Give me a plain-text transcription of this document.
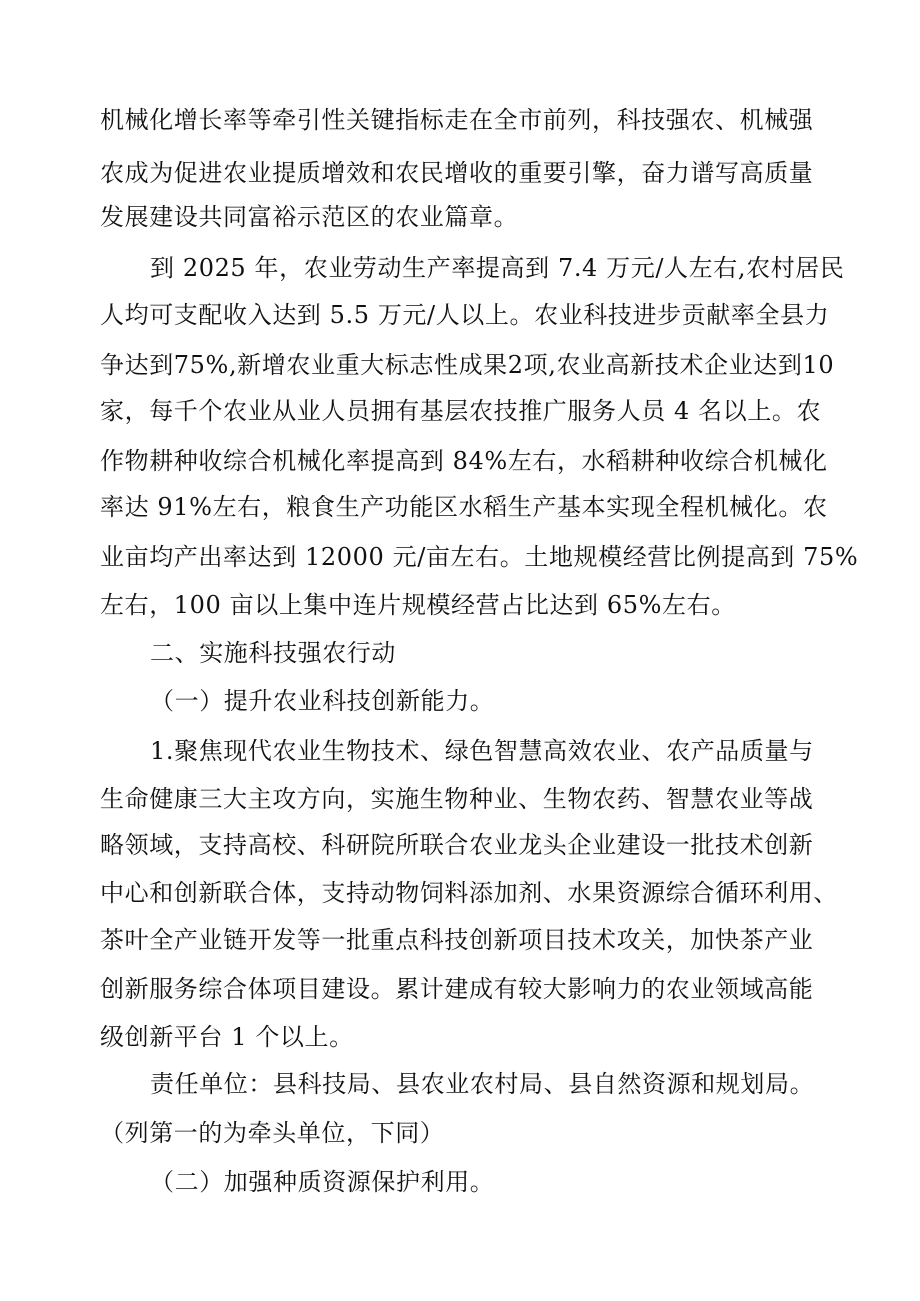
机械化增长率等牵引性关键指标走在全市前列，科技强农、机械强
农成为促进农业提质增效和农民增收的重要引擎，奋力谱写高质量
发展建设共同富裕示范区的农业篇章。
到 2025 年，农业劳动生产率提高到 7.4 万元/人左右,农村居民
人均可支配收入达到 5.5 万元/人以上。农业科技进步贡献率全县力
争达到75%,新增农业重大标志性成果2项,农业高新技术企业达到10
家，每千个农业从业人员拥有基层农技推广服务人员 4 名以上。农
作物耕种收综合机械化率提高到 84%左右，水稻耕种收综合机械化
率达 91%左右，粮食生产功能区水稻生产基本实现全程机械化。农
业亩均产出率达到 12000 元/亩左右。土地规模经营比例提高到 75%
左右，100 亩以上集中连片规模经营占比达到 65%左右。
二、实施科技强农行动
（一）提升农业科技创新能力。
1.聚焦现代农业生物技术、绿色智慧高效农业、农产品质量与
生命健康三大主攻方向，实施生物种业、生物农药、智慧农业等战
略领域，支持高校、科研院所联合农业龙头企业建设一批技术创新
中心和创新联合体，支持动物饲料添加剂、水果资源综合循环利用、
茶叶全产业链开发等一批重点科技创新项目技术攻关，加快茶产业
创新服务综合体项目建设。累计建成有较大影响力的农业领域高能
级创新平台 1 个以上。
责任单位：县科技局、县农业农村局、县自然资源和规划局。
（列第一的为牵头单位，下同）
（二）加强种质资源保护利用。
